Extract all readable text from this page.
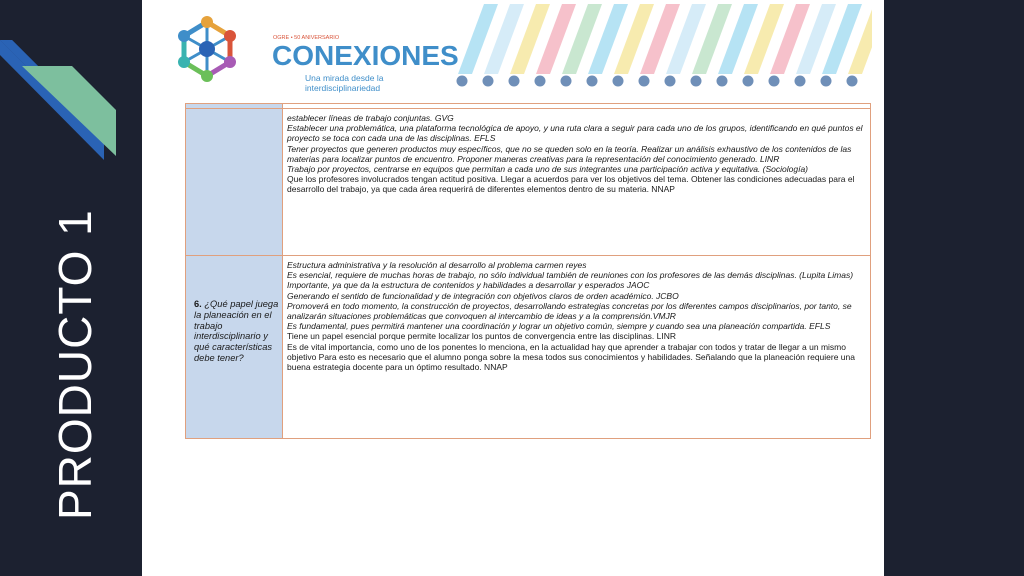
PRODUCTO 1
OGRE • 50 ANIVERSARIO
CONEXIONES
Una mirada desde la interdisciplinariedad

establecer líneas de trabajo conjuntas. GVG

Establecer una problemática, una plataforma tecnológica de apoyo, y una ruta clara a seguir para cada uno de los grupos, identificando en qué puntos el proyecto se toca con cada una de las disciplinas. EFLS

Tener proyectos que generen productos muy específicos, que no se queden solo en la teoría. Realizar un análisis exhaustivo de los contenidos de las materias para localizar puntos de encuentro. Proponer maneras creativas para la representación del conocimiento generado. LINR

Trabajo por proyectos, centrarse en equipos que permitan a cada uno de sus integrantes una participación activa y equitativa. (Sociología)

Que los profesores involucrados tengan actitud positiva. Llegar a acuerdos para ver los objetivos del tema. Obtener las condiciones adecuadas para el desarrollo del trabajo, ya que cada área requerirá de diferentes elementos dentro de su materia. NNAP

6. ¿Qué papel juega la planeación en el trabajo interdisciplinario y qué características debe tener?

Estructura administrativa y la resolución al desarrollo al problema carmen reyes

Es esencial, requiere de muchas horas de trabajo, no sólo individual también de reuniones con los profesores de las demás disciplinas. (Lupita Limas)

Importante, ya que da la estructura de contenidos y habilidades a desarrollar y esperados JAOC

Generando el sentido de funcionalidad y de integración con objetivos claros de orden académico. JCBO

Promoverá en todo momento, la construcción de proyectos, desarrollando estrategias concretas por los diferentes campos disciplinarios, por tanto, se analizarán situaciones problemáticas que convoquen al intercambio de ideas y a la comprensión.VMJR

Es fundamental, pues permitirá mantener una coordinación y lograr un objetivo común, siempre y cuando sea una planeación compartida. EFLS

Tiene un papel esencial porque permite localizar los puntos de convergencia entre las disciplinas. LINR

Es de vital importancia, como uno de los ponentes lo menciona, en la actualidad hay que aprender a trabajar con todos y tratar de llegar a un mismo objetivo Para esto es necesario que el alumno ponga sobre la mesa todos sus conocimientos y habilidades. Señalando que la planeación requiere una buena estrategia docente para un óptimo resultado. NNAP
